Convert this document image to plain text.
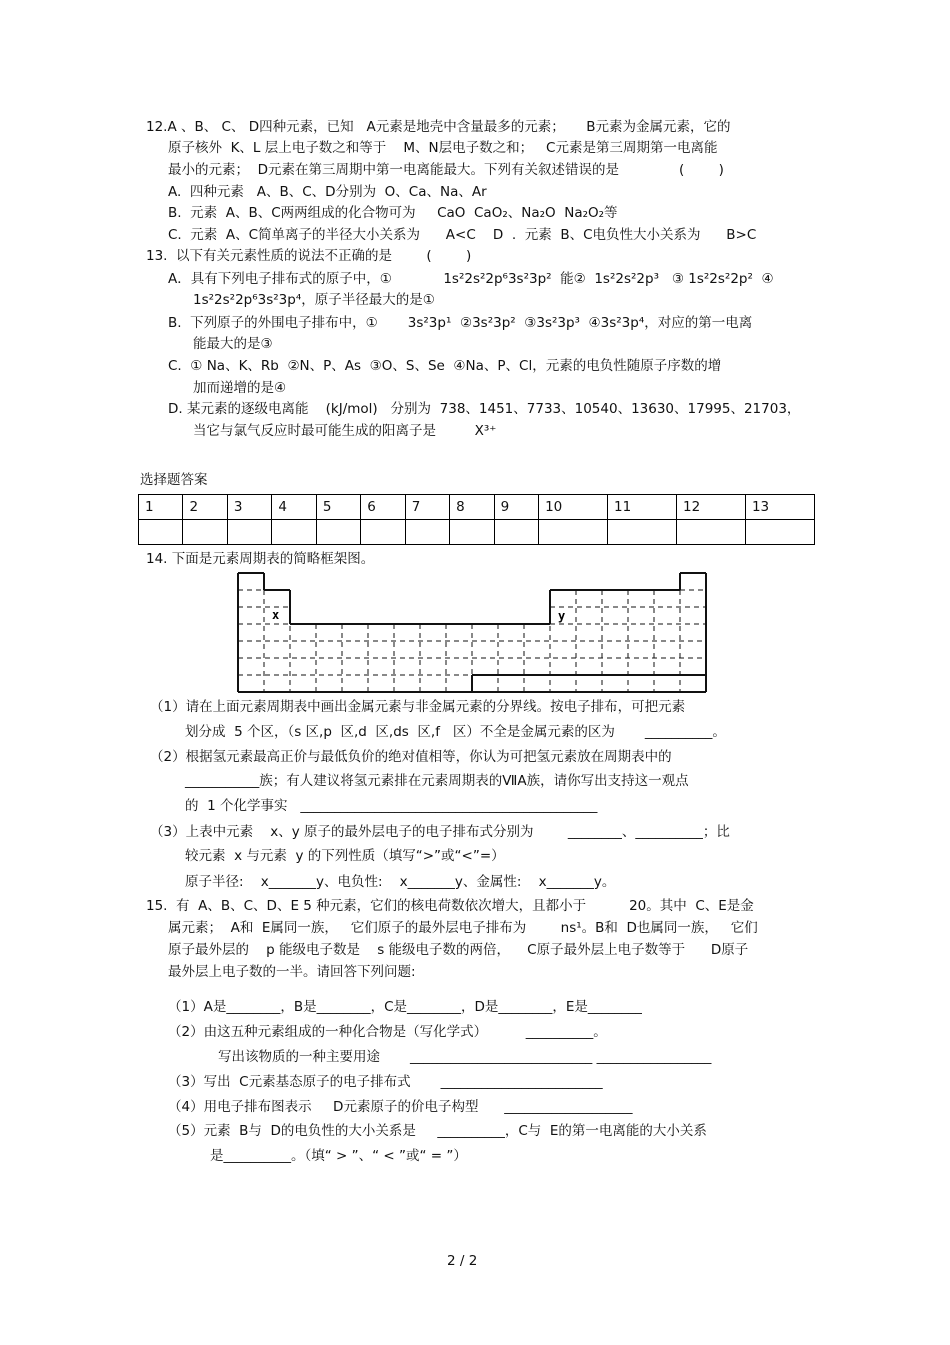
12.A 、B、 C、 D四种元素，已知   A元素是地壳中含量最多的元素；     B元素为金属元素，它的
原子核外  K、L 层上电子数之和等于    M、N层电子数之和；   C元素是第三周期第一电离能
最小的元素；  D元素在第三周期中第一电离能最大。下列有关叙述错误的是              (        )
A.  四种元素   A、B、C、D分别为  O、Ca、Na、Ar
B.  元素  A、B、C两两组成的化合物可为     CaO  CaO₂、Na₂O  Na₂O₂等
C.  元素  A、C简单离子的半径大小关系为      A<C    D  .  元素  B、C电负性大小关系为      B>C
13.  以下有关元素性质的说法不正确的是        (        )
A．具有下列电子排布式的原子中，①            1s²2s²2p⁶3s²3p²  能②  1s²2s²2p³   ③ 1s²2s²2p²  ④
1s²2s²2p⁶3s²3p⁴，原子半径最大的是①
B.  下列原子的外围电子排布中，①       3s²3p¹  ②3s²3p²  ③3s²3p³  ④3s²3p⁴，对应的第一电离
能最大的是③
C.  ① Na、K、Rb  ②N、P、As  ③O、S、Se  ④Na、P、Cl，元素的电负性随原子序数的增
加而递增的是④
D. 某元素的逐级电离能    (kJ/mol)   分别为  738、1451、7733、10540、13630、17995、21703，
当它与氯气反应时最可能生成的阳离子是         X³⁺
选择题答案
1	2	3	4	5	6	7	8	9	10	11	12	13

14. 下面是元素周期表的简略框架图。
x	y
（1）请在上面元素周期表中画出金属元素与非金属元素的分界线。按电子排布，可把元素
划分成  5 个区，（s 区,p  区,d  区,ds  区,f   区）不全是金属元素的区为       __________。
（2）根据氢元素最高正价与最低负价的绝对值相等，你认为可把氢元素放在周期表中的
___________族；有人建议将氢元素排在元素周期表的ⅦA族，请你写出支持这一观点
的  1 个化学事实   ____________________________________________
（3）上表中元素    x、y 原子的最外层电子的电子排布式分别为        ________、__________；比
较元素  x 与元素  y 的下列性质（填写“>”或“<”=）
原子半径:    x_______y、电负性:    x_______y、金属性:    x_______y。
15.  有  A、B、C、D、E 5 种元素，它们的核电荷数依次增大，且都小于          20。其中  C、E是金
属元素；  A和  E属同一族，   它们原子的最外层电子排布为        ns¹。B和  D也属同一族，   它们
原子最外层的    p 能级电子数是    s 能级电子数的两倍，    C原子最外层上电子数等于      D原子
最外层上电子数的一半。请回答下列问题:
（1）A是________，B是________，C是________，D是________，E是________
（2）由这五种元素组成的一种化合物是（写化学式）         __________。
写出该物质的一种主要用途       ___________________________ _________________
（3）写出  C元素基态原子的电子排布式       ________________________
（4）用电子排布图表示     D元素原子的价电子构型      ___________________
（5）元素  B与  D的电负性的大小关系是     __________，C与  E的第一电离能的大小关系
是__________。（填“ > ”、“ < ”或“ = ”）
2 / 2
